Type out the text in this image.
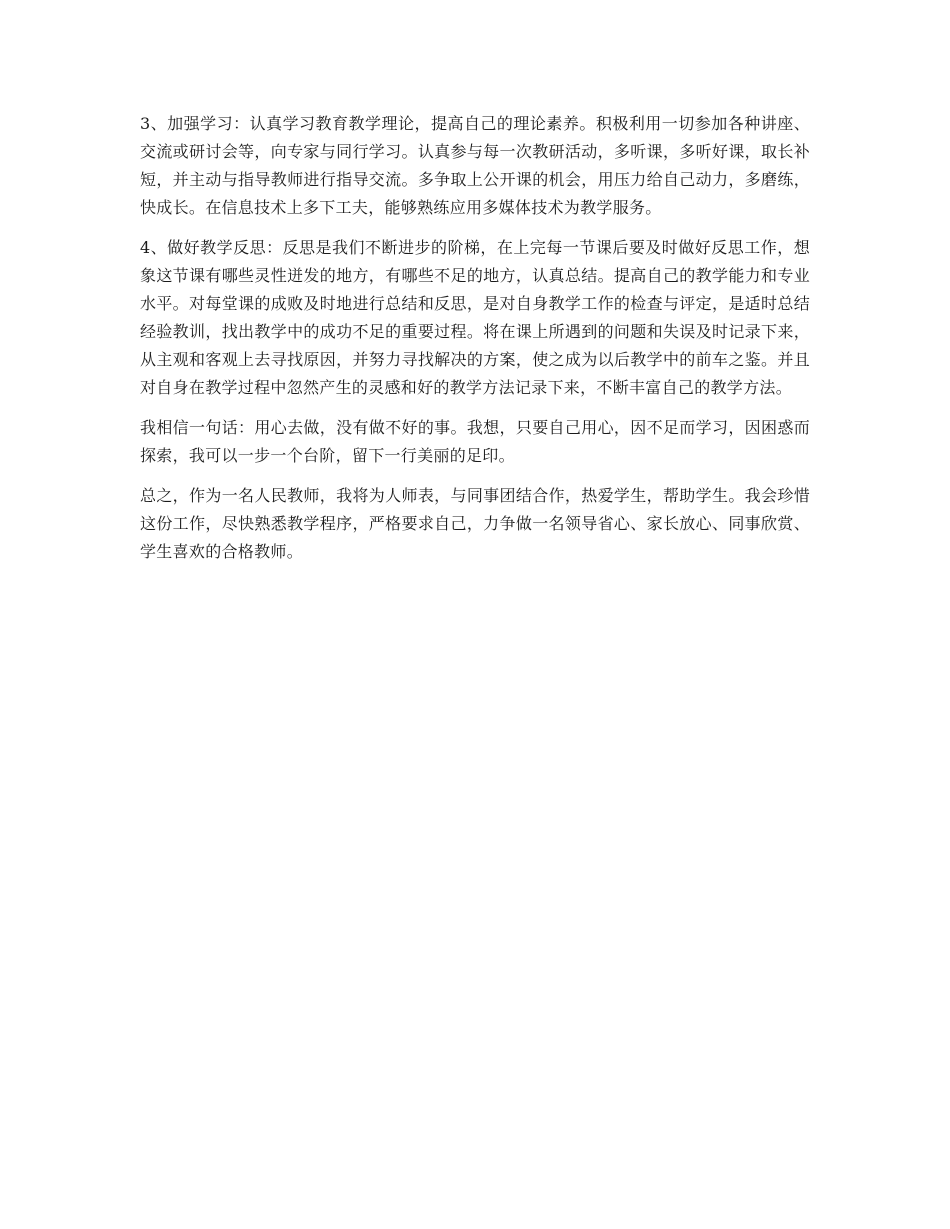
3、加强学习：认真学习教育教学理论，提高自己的理论素养。积极利用一切参加各种讲座、交流或研讨会等，向专家与同行学习。认真参与每一次教研活动，多听课，多听好课，取长补短，并主动与指导教师进行指导交流。多争取上公开课的机会，用压力给自己动力，多磨练，快成长。在信息技术上多下工夫，能够熟练应用多媒体技术为教学服务。

4、做好教学反思：反思是我们不断进步的阶梯，在上完每一节课后要及时做好反思工作，想象这节课有哪些灵性迸发的地方，有哪些不足的地方，认真总结。提高自己的教学能力和专业水平。对每堂课的成败及时地进行总结和反思，是对自身教学工作的检查与评定，是适时总结经验教训，找出教学中的成功不足的重要过程。将在课上所遇到的问题和失误及时记录下来，从主观和客观上去寻找原因，并努力寻找解决的方案，使之成为以后教学中的前车之鉴。并且对自身在教学过程中忽然产生的灵感和好的教学方法记录下来，不断丰富自己的教学方法。

我相信一句话：用心去做，没有做不好的事。我想，只要自己用心，因不足而学习，因困惑而探索，我可以一步一个台阶，留下一行美丽的足印。

总之，作为一名人民教师，我将为人师表，与同事团结合作，热爱学生，帮助学生。我会珍惜这份工作，尽快熟悉教学程序，严格要求自己，力争做一名领导省心、家长放心、同事欣赏、学生喜欢的合格教师。
